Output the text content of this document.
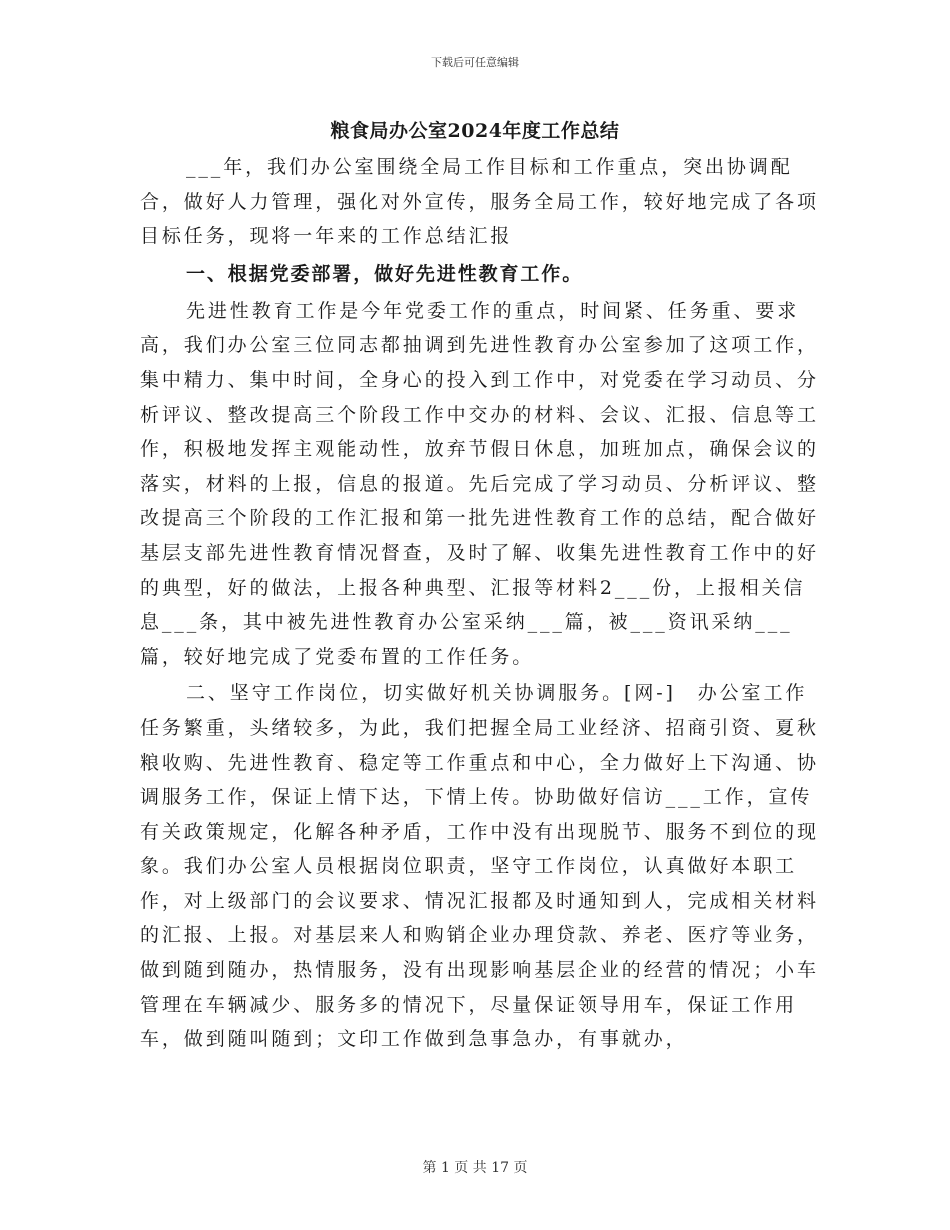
下载后可任意编辑
粮食局办公室2024年度工作总结

___年，我们办公室围绕全局工作目标和工作重点，突出协调配合，做好人力管理，强化对外宣传，服务全局工作，较好地完成了各项目标任务，现将一年来的工作总结汇报

一、根据党委部署，做好先进性教育工作。

先进性教育工作是今年党委工作的重点，时间紧、任务重、要求高，我们办公室三位同志都抽调到先进性教育办公室参加了这项工作，集中精力、集中时间，全身心的投入到工作中，对党委在学习动员、分析评议、整改提高三个阶段工作中交办的材料、会议、汇报、信息等工作，积极地发挥主观能动性，放弃节假日休息，加班加点，确保会议的落实，材料的上报，信息的报道。先后完成了学习动员、分析评议、整改提高三个阶段的工作汇报和第一批先进性教育工作的总结，配合做好基层支部先进性教育情况督查，及时了解、收集先进性教育工作中的好的典型，好的做法，上报各种典型、汇报等材料2___份，上报相关信息___条，其中被先进性教育办公室采纳___篇，被___资讯采纳___篇，较好地完成了党委布置的工作任务。

二、坚守工作岗位，切实做好机关协调服务。[网-]　办公室工作任务繁重，头绪较多，为此，我们把握全局工业经济、招商引资、夏秋粮收购、先进性教育、稳定等工作重点和中心，全力做好上下沟通、协调服务工作，保证上情下达，下情上传。协助做好信访___工作，宣传有关政策规定，化解各种矛盾，工作中没有出现脱节、服务不到位的现象。我们办公室人员根据岗位职责，坚守工作岗位，认真做好本职工作，对上级部门的会议要求、情况汇报都及时通知到人，完成相关材料的汇报、上报。对基层来人和购销企业办理贷款、养老、医疗等业务，做到随到随办，热情服务，没有出现影响基层企业的经营的情况；小车管理在车辆减少、服务多的情况下，尽量保证领导用车，保证工作用车，做到随叫随到；文印工作做到急事急办，有事就办，

第 1 页 共 17 页
